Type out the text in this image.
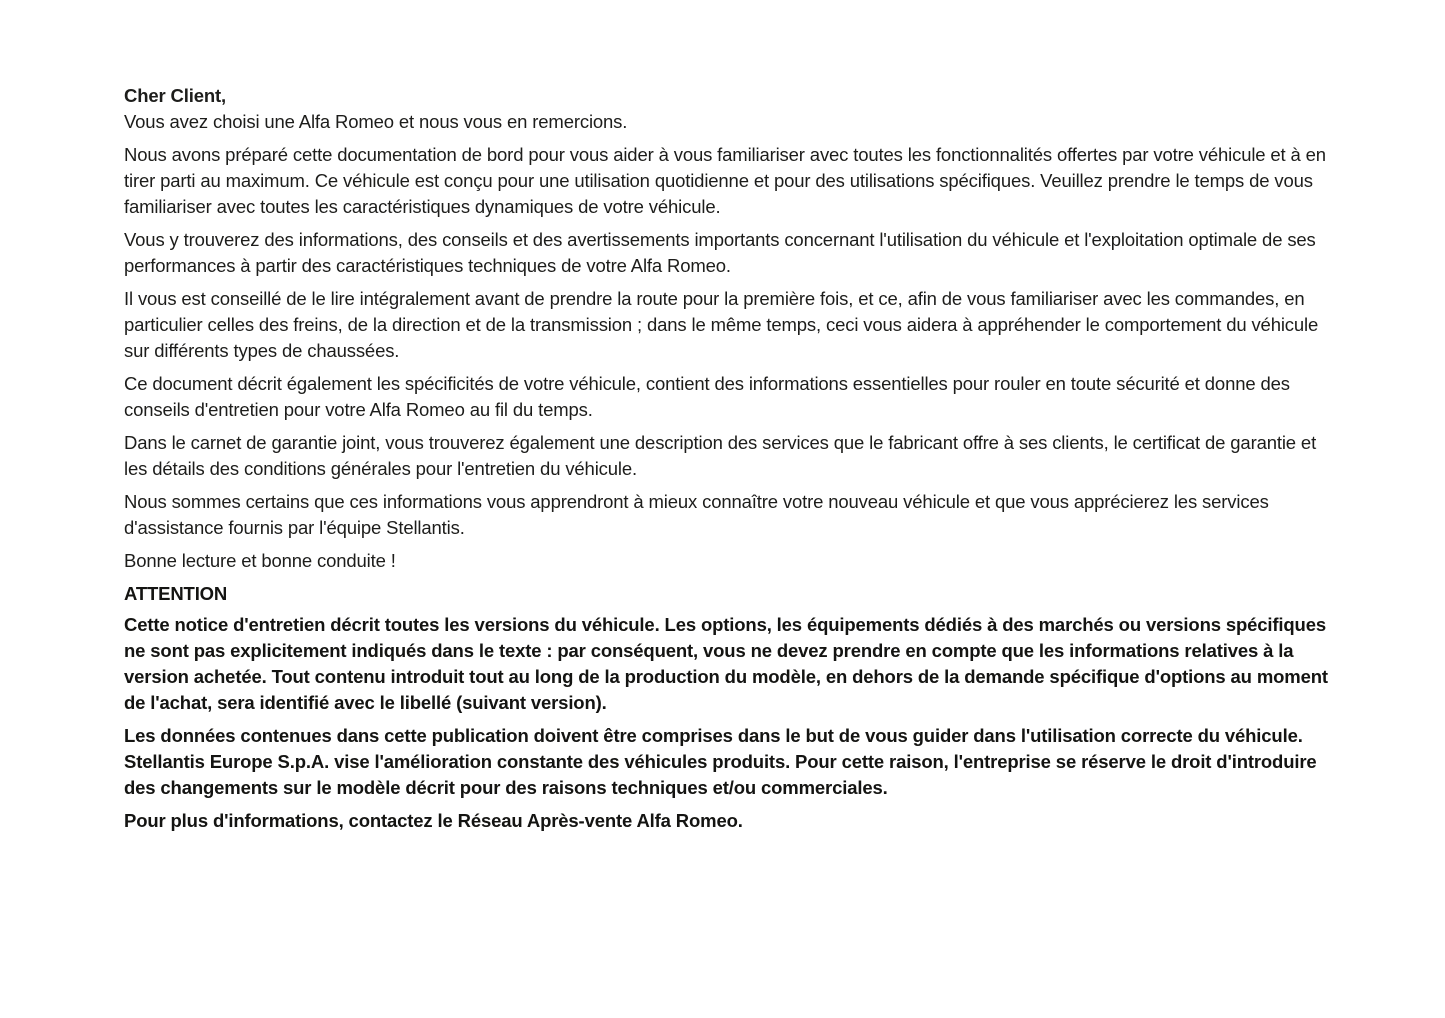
Cher Client,

Vous avez choisi une Alfa Romeo et nous vous en remercions.

Nous avons préparé cette documentation de bord pour vous aider à vous familiariser avec toutes les fonctionnalités offertes par votre véhicule et à en tirer parti au maximum. Ce véhicule est conçu pour une utilisation quotidienne et pour des utilisations spécifiques. Veuillez prendre le temps de vous familiariser avec toutes les caractéristiques dynamiques de votre véhicule.

Vous y trouverez des informations, des conseils et des avertissements importants concernant l'utilisation du véhicule et l'exploitation optimale de ses performances à partir des caractéristiques techniques de votre Alfa Romeo.

Il vous est conseillé de le lire intégralement avant de prendre la route pour la première fois, et ce, afin de vous familiariser avec les commandes, en particulier celles des freins, de la direction et de la transmission ; dans le même temps, ceci vous aidera à appréhender le comportement du véhicule sur différents types de chaussées.

Ce document décrit également les spécificités de votre véhicule, contient des informations essentielles pour rouler en toute sécurité et donne des conseils d'entretien pour votre Alfa Romeo au fil du temps.

Dans le carnet de garantie joint, vous trouverez également une description des services que le fabricant offre à ses clients, le certificat de garantie et les détails des conditions générales pour l'entretien du véhicule.

Nous sommes certains que ces informations vous apprendront à mieux connaître votre nouveau véhicule et que vous apprécierez les services d'assistance fournis par l'équipe Stellantis.

Bonne lecture et bonne conduite !

ATTENTION

Cette notice d'entretien décrit toutes les versions du véhicule. Les options, les équipements dédiés à des marchés ou versions spécifiques ne sont pas explicitement indiqués dans le texte : par conséquent, vous ne devez prendre en compte que les informations relatives à la version achetée. Tout contenu introduit tout au long de la production du modèle, en dehors de la demande spécifique d'options au moment de l'achat, sera identifié avec le libellé (suivant version).

Les données contenues dans cette publication doivent être comprises dans le but de vous guider dans l'utilisation correcte du véhicule. Stellantis Europe S.p.A. vise l'amélioration constante des véhicules produits. Pour cette raison, l'entreprise se réserve le droit d'introduire des changements sur le modèle décrit pour des raisons techniques et/ou commerciales.

Pour plus d'informations, contactez le Réseau Après-vente Alfa Romeo.
